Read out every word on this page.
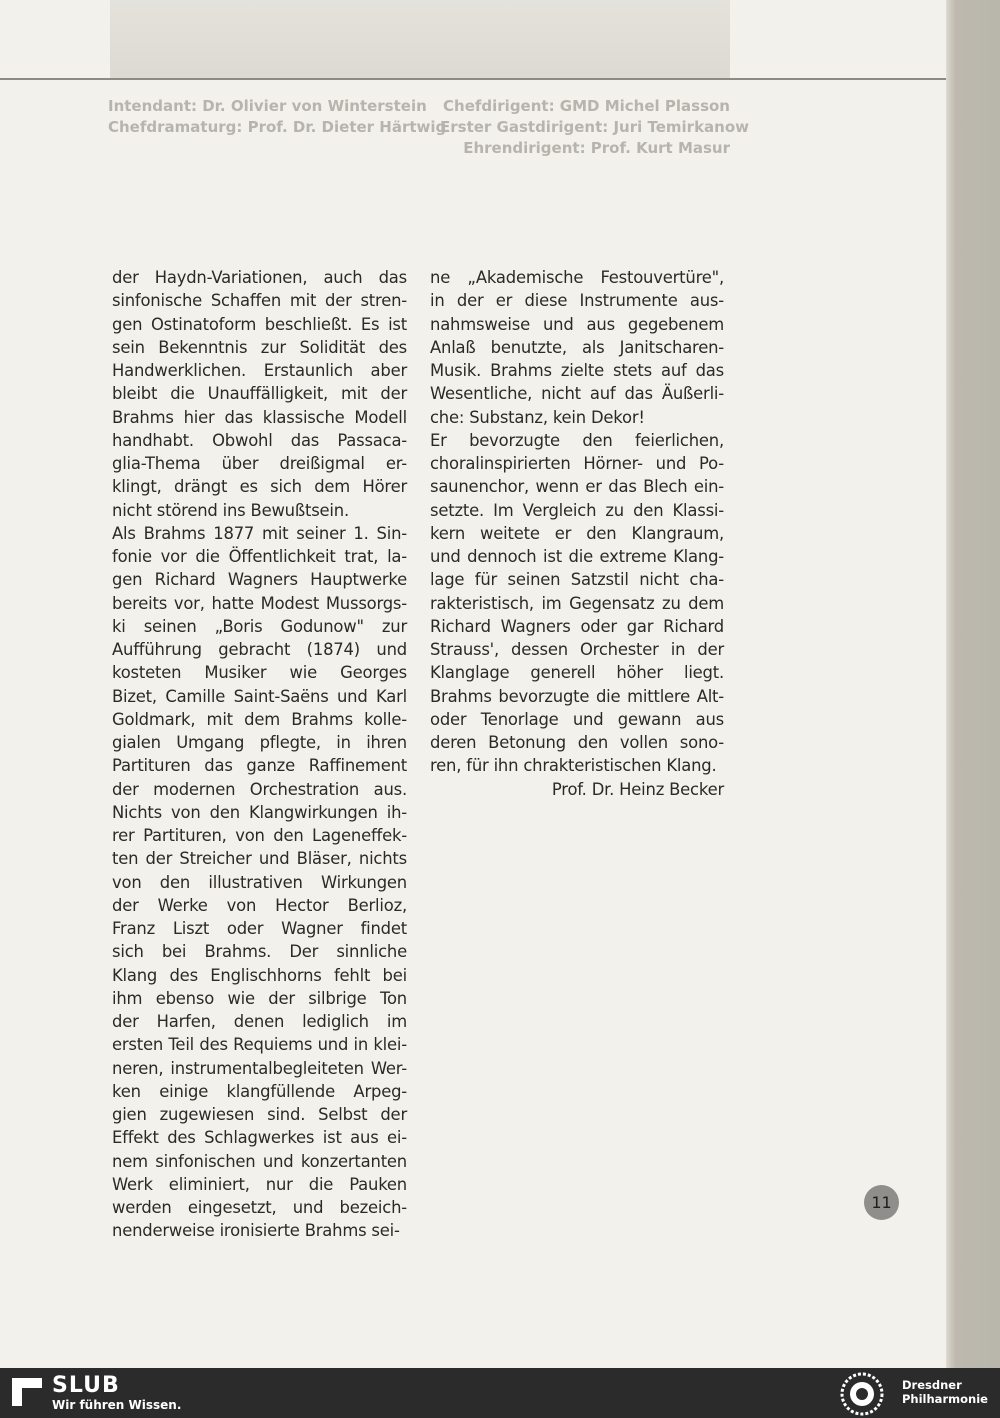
Intendant: Dr. Olivier von Winterstein
Chefdramaturg: Prof. Dr. Dieter Härtwig
Chefdirigent: GMD Michel Plasson
Erster Gastdirigent: Juri Temirkanow
Ehrendirigent: Prof. Kurt Masur

der Haydn-Variationen, auch das

sinfonische Schaffen mit der stren-

gen Ostinatoform beschließt. Es ist

sein Bekenntnis zur Solidität des

Handwerklichen. Erstaunlich aber

bleibt die Unauffälligkeit, mit der

Brahms hier das klassische Modell

handhabt. Obwohl das Passaca-

glia-Thema über dreißigmal er-

klingt, drängt es sich dem Hörer

nicht störend ins Bewußtsein.

Als Brahms 1877 mit seiner 1. Sin-

fonie vor die Öffentlichkeit trat, la-

gen Richard Wagners Hauptwerke

bereits vor, hatte Modest Mussorgs-

ki seinen „Boris Godunow" zur

Aufführung gebracht (1874) und

kosteten Musiker wie Georges

Bizet, Camille Saint-Saëns und Karl

Goldmark, mit dem Brahms kolle-

gialen Umgang pflegte, in ihren

Partituren das ganze Raffinement

der modernen Orchestration aus.

Nichts von den Klangwirkungen ih-

rer Partituren, von den Lageneffek-

ten der Streicher und Bläser, nichts

von den illustrativen Wirkungen

der Werke von Hector Berlioz,

Franz Liszt oder Wagner findet

sich bei Brahms. Der sinnliche

Klang des Englischhorns fehlt bei

ihm ebenso wie der silbrige Ton

der Harfen, denen lediglich im

ersten Teil des Requiems und in klei-

neren, instrumentalbegleiteten Wer-

ken einige klangfüllende Arpeg-

gien zugewiesen sind. Selbst der

Effekt des Schlagwerkes ist aus ei-

nem sinfonischen und konzertanten

Werk eliminiert, nur die Pauken

werden eingesetzt, und bezeich-

nenderweise ironisierte Brahms sei-

ne „Akademische Festouvertüre",

in der er diese Instrumente aus-

nahmsweise und aus gegebenem

Anlaß benutzte, als Janitscharen-

Musik. Brahms zielte stets auf das

Wesentliche, nicht auf das Äußerli-

che: Substanz, kein Dekor!

Er bevorzugte den feierlichen,

choralinspirierten Hörner- und Po-

saunenchor, wenn er das Blech ein-

setzte. Im Vergleich zu den Klassi-

kern weitete er den Klangraum,

und dennoch ist die extreme Klang-

lage für seinen Satzstil nicht cha-

rakteristisch, im Gegensatz zu dem

Richard Wagners oder gar Richard

Strauss', dessen Orchester in der

Klanglage generell höher liegt.

Brahms bevorzugte die mittlere Alt-

oder Tenorlage und gewann aus

deren Betonung den vollen sono-

ren, für ihn chrakteristischen Klang.

Prof. Dr. Heinz Becker

11
SLUB
Wir führen Wissen.
Dresdner
Philharmonie
